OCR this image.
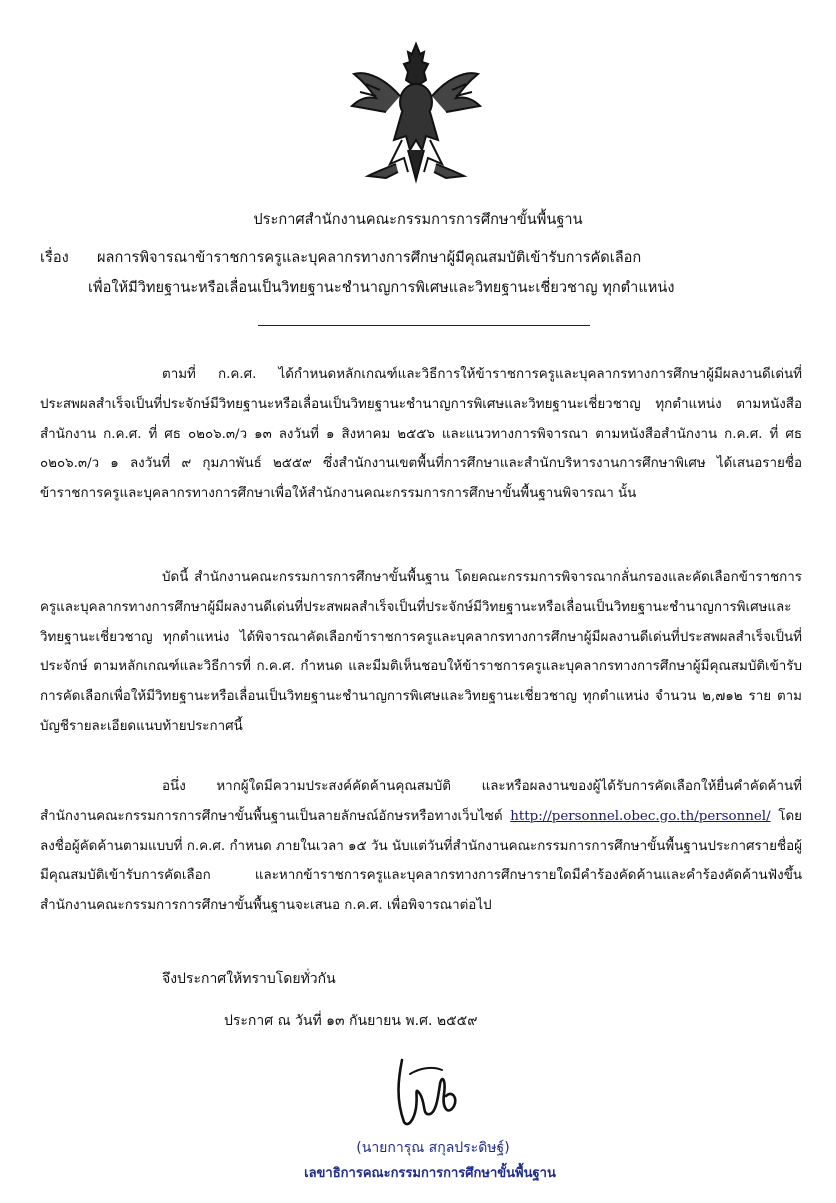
ประกาศสำนักงานคณะกรรมการการศึกษาขั้นพื้นฐาน
เรื่อง ผลการพิจารณาข้าราชการครูและบุคลากรทางการศึกษาผู้มีคุณสมบัติเข้ารับการคัดเลือก
เพื่อให้มีวิทยฐานะหรือเลื่อนเป็นวิทยฐานะชำนาญการพิเศษและวิทยฐานะเชี่ยวชาญ ทุกตำแหน่ง
ตามที่ ก.ค.ศ. ได้กำหนดหลักเกณฑ์และวิธีการให้ข้าราชการครูและบุคลากรทางการศึกษาผู้มีผลงานดีเด่นที่ประสพผลสำเร็จเป็นที่ประจักษ์มีวิทยฐานะหรือเลื่อนเป็นวิทยฐานะชำนาญการพิเศษและวิทยฐานะเชี่ยวชาญ ทุกตำแหน่ง ตามหนังสือสำนักงาน ก.ค.ศ. ที่ ศธ ๐๒๐๖.๓/ว ๑๓ ลงวันที่ ๑ สิงหาคม ๒๕๕๖ และแนวทางการพิจารณา ตามหนังสือสำนักงาน ก.ค.ศ. ที่ ศธ ๐๒๐๖.๓/ว ๑ ลงวันที่ ๙ กุมภาพันธ์ ๒๕๕๙ ซึ่งสำนักงานเขตพื้นที่การศึกษาและสำนักบริหารงานการศึกษาพิเศษ ได้เสนอรายชื่อข้าราชการครูและบุคลากรทางการศึกษาเพื่อให้สำนักงานคณะกรรมการการศึกษาขั้นพื้นฐานพิจารณา นั้น
บัดนี้ สำนักงานคณะกรรมการการศึกษาขั้นพื้นฐาน โดยคณะกรรมการพิจารณากลั่นกรองและคัดเลือกข้าราชการครูและบุคลากรทางการศึกษาผู้มีผลงานดีเด่นที่ประสพผลสำเร็จเป็นที่ประจักษ์มีวิทยฐานะหรือเลื่อนเป็นวิทยฐานะชำนาญการพิเศษและวิทยฐานะเชี่ยวชาญ ทุกตำแหน่ง ได้พิจารณาคัดเลือกข้าราชการครูและบุคลากรทางการศึกษาผู้มีผลงานดีเด่นที่ประสพผลสำเร็จเป็นที่ประจักษ์ ตามหลักเกณฑ์และวิธีการที่ ก.ค.ศ. กำหนด และมีมติเห็นชอบให้ข้าราชการครูและบุคลากรทางการศึกษาผู้มีคุณสมบัติเข้ารับการคัดเลือกเพื่อให้มีวิทยฐานะหรือเลื่อนเป็นวิทยฐานะชำนาญการพิเศษและวิทยฐานะเชี่ยวชาญ ทุกตำแหน่ง จำนวน ๒,๗๑๒ ราย ตามบัญชีรายละเอียดแนบท้ายประกาศนี้
อนึ่ง หากผู้ใดมีความประสงค์คัดค้านคุณสมบัติ และหรือผลงานของผู้ได้รับการคัดเลือกให้ยื่นคำคัดค้านที่สำนักงานคณะกรรมการการศึกษาขั้นพื้นฐานเป็นลายลักษณ์อักษรหรือทางเว็บไซต์ http://personnel.obec.go.th/personnel/ โดยลงชื่อผู้คัดค้านตามแบบที่ ก.ค.ศ. กำหนด ภายในเวลา ๑๕ วัน นับแต่วันที่สำนักงานคณะกรรมการการศึกษาขั้นพื้นฐานประกาศรายชื่อผู้มีคุณสมบัติเข้ารับการคัดเลือก และหากข้าราชการครูและบุคลากรทางการศึกษารายใดมีคำร้องคัดค้านและคำร้องคัดค้านฟังขึ้น สำนักงานคณะกรรมการการศึกษาขั้นพื้นฐานจะเสนอ ก.ค.ศ. เพื่อพิจารณาต่อไป
จึงประกาศให้ทราบโดยทั่วกัน
ประกาศ ณ วันที่ ๑๓ กันยายน พ.ศ. ๒๕๕๙
(นายการุณ สกุลประดิษฐ์)
เลขาธิการคณะกรรมการการศึกษาขั้นพื้นฐาน
